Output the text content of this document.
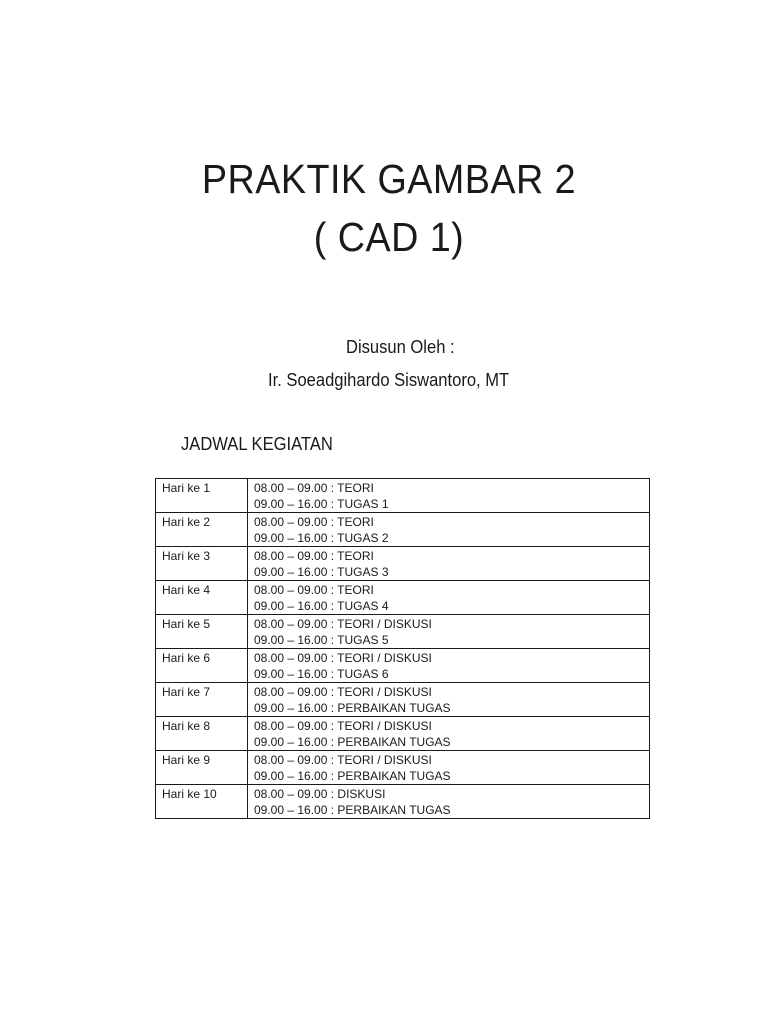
PRAKTIK GAMBAR 2
( CAD 1)
Disusun Oleh :
Ir. Soeadgihardo Siswantoro, MT
JADWAL KEGIATAN
Hari ke 1	08.00 – 09.00 : TEORI
09.00 – 16.00 : TUGAS 1

Hari ke 2	08.00 – 09.00 : TEORI
09.00 – 16.00 : TUGAS 2

Hari ke 3	08.00 – 09.00 : TEORI
09.00 – 16.00 : TUGAS 3

Hari ke 4	08.00 – 09.00 : TEORI
09.00 – 16.00 : TUGAS 4

Hari ke 5	08.00 – 09.00 : TEORI / DISKUSI
09.00 – 16.00 : TUGAS 5

Hari ke 6	08.00 – 09.00 : TEORI / DISKUSI
09.00 – 16.00 : TUGAS 6

Hari ke 7	08.00 – 09.00 : TEORI / DISKUSI
09.00 – 16.00 : PERBAIKAN TUGAS

Hari ke 8	08.00 – 09.00 : TEORI / DISKUSI
09.00 – 16.00 : PERBAIKAN TUGAS

Hari ke 9	08.00 – 09.00 : TEORI / DISKUSI
09.00 – 16.00 : PERBAIKAN TUGAS

Hari ke 10	08.00 – 09.00 : DISKUSI
09.00 – 16.00 : PERBAIKAN TUGAS
